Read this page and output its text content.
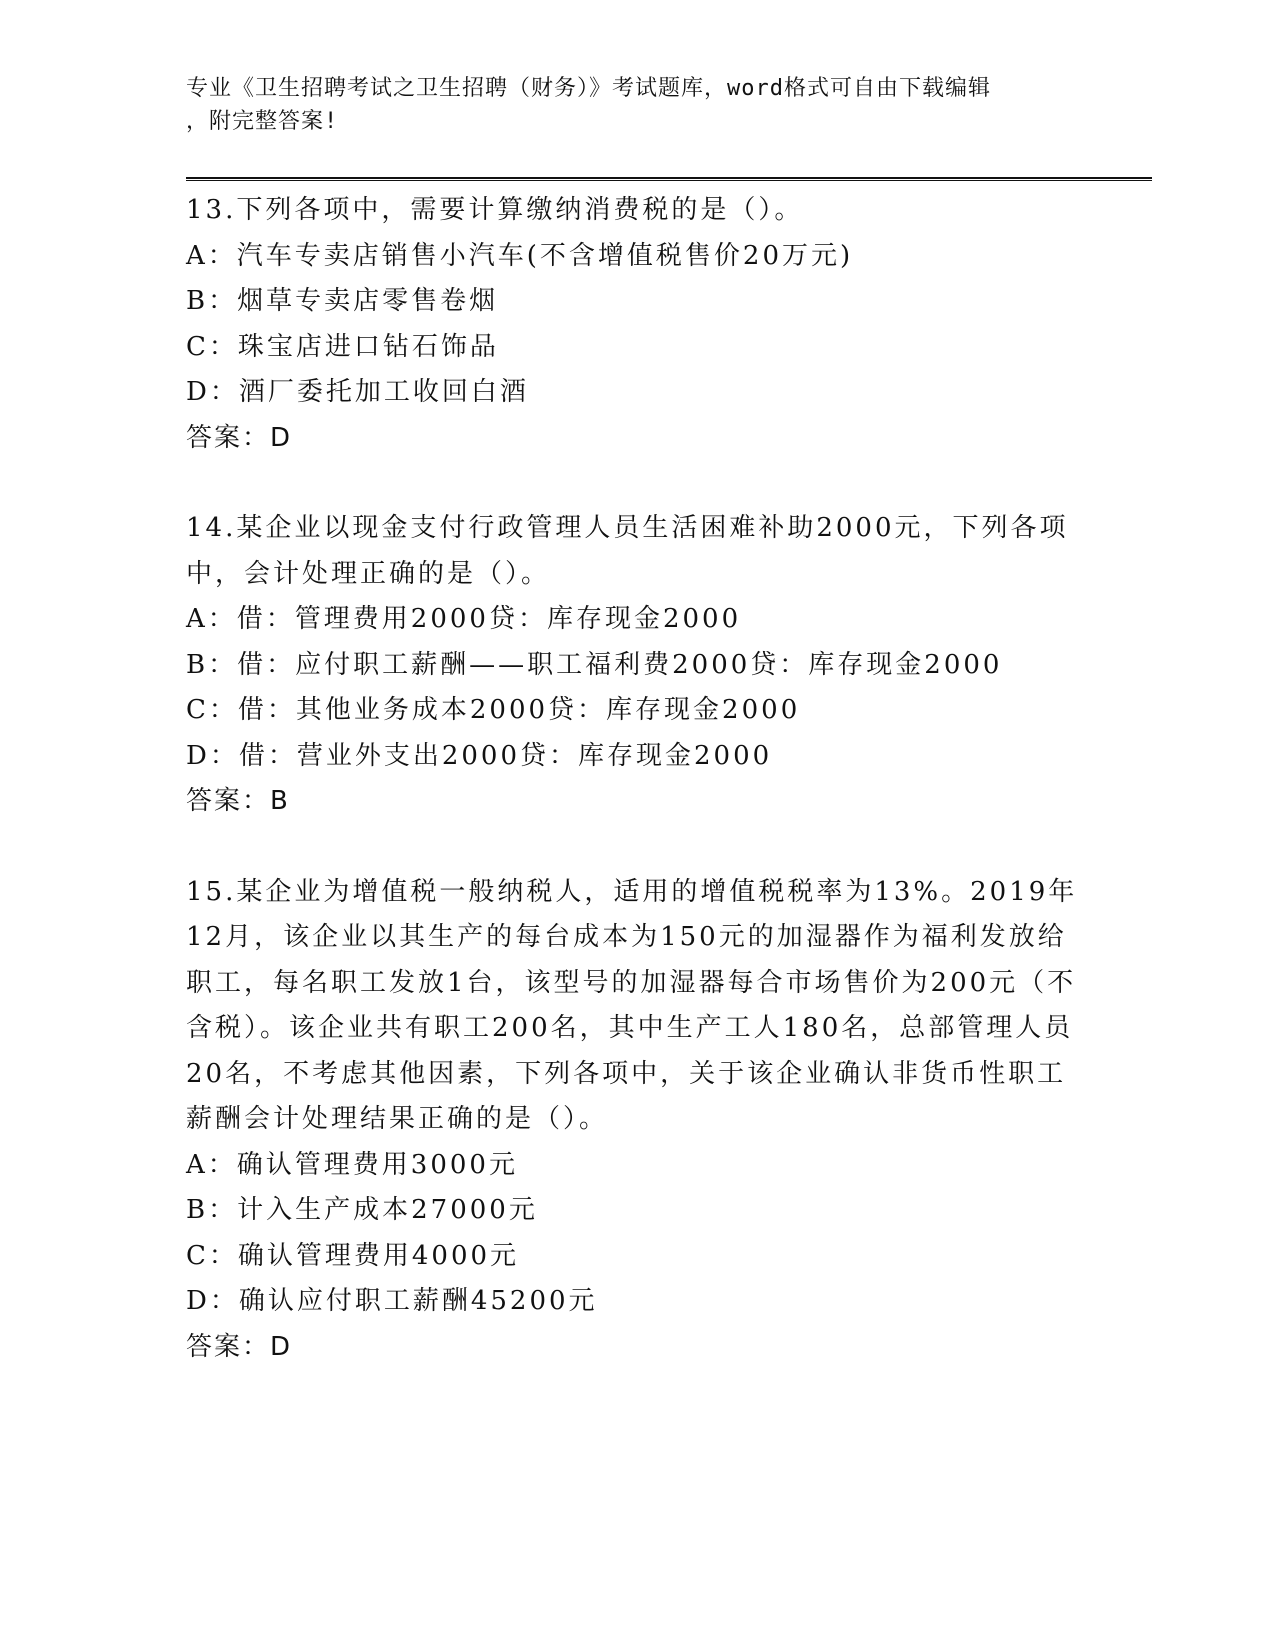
专业《卫生招聘考试之卫生招聘（财务）》考试题库，word格式可自由下载编辑
，附完整答案!
13.下列各项中，需要计算缴纳消费税的是（）。
A：汽车专卖店销售小汽车(不含增值税售价20万元)
B：烟草专卖店零售卷烟
C：珠宝店进口钻石饰品
D：酒厂委托加工收回白酒
答案：D
14.某企业以现金支付行政管理人员生活困难补助2000元，下列各项中，会计处理正确的是（）。
A：借：管理费用2000贷：库存现金2000
B：借：应付职工薪酬——职工福利费2000贷：库存现金2000
C：借：其他业务成本2000贷：库存现金2000
D：借：营业外支出2000贷：库存现金2000
答案：B
15.某企业为增值税一般纳税人，适用的增值税税率为13%。2019年12月，该企业以其生产的每台成本为150元的加湿器作为福利发放给职工，每名职工发放1台，该型号的加湿器每合市场售价为200元（不含税）。该企业共有职工200名，其中生产工人180名，总部管理人员20名，不考虑其他因素，下列各项中，关于该企业确认非货币性职工薪酬会计处理结果正确的是（）。
A：确认管理费用3000元
B：计入生产成本27000元
C：确认管理费用4000元
D：确认应付职工薪酬45200元
答案：D
